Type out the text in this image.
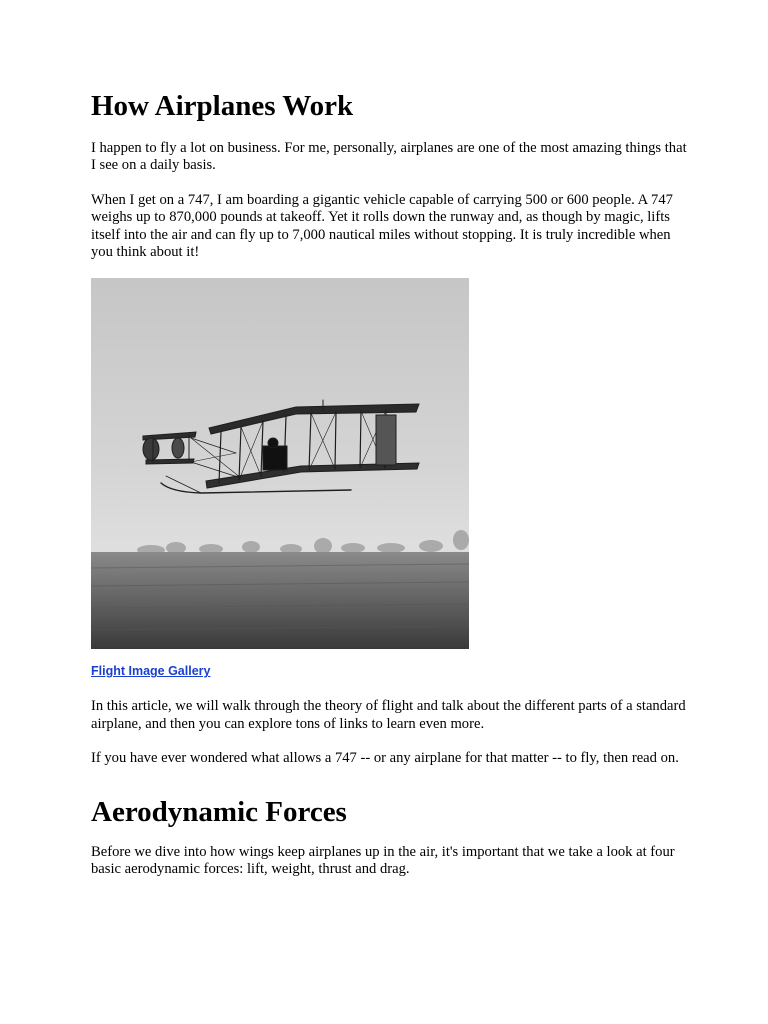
How Airplanes Work

I happen to fly a lot on business. For me, personally, airplanes are one of the most amazing things that I see on a daily basis.

When I get on a 747, I am boarding a gigantic vehicle capable of carrying 500 or 600 people. A 747 weighs up to 870,000 pounds at takeoff. Yet it rolls down the runway and, as though by magic, lifts itself into the air and can fly up to 7,000 nautical miles without stopping. It is truly incredible when you think about it!

Flight Image Gallery

In this article, we will walk through the theory of flight and talk about the different parts of a standard airplane, and then you can explore tons of links to learn even more.

If you have ever wondered what allows a 747 -- or any airplane for that matter -- to fly, then read on.

Aerodynamic Forces

Before we dive into how wings keep airplanes up in the air, it's important that we take a look at four basic aerodynamic forces: lift, weight, thrust and drag.
